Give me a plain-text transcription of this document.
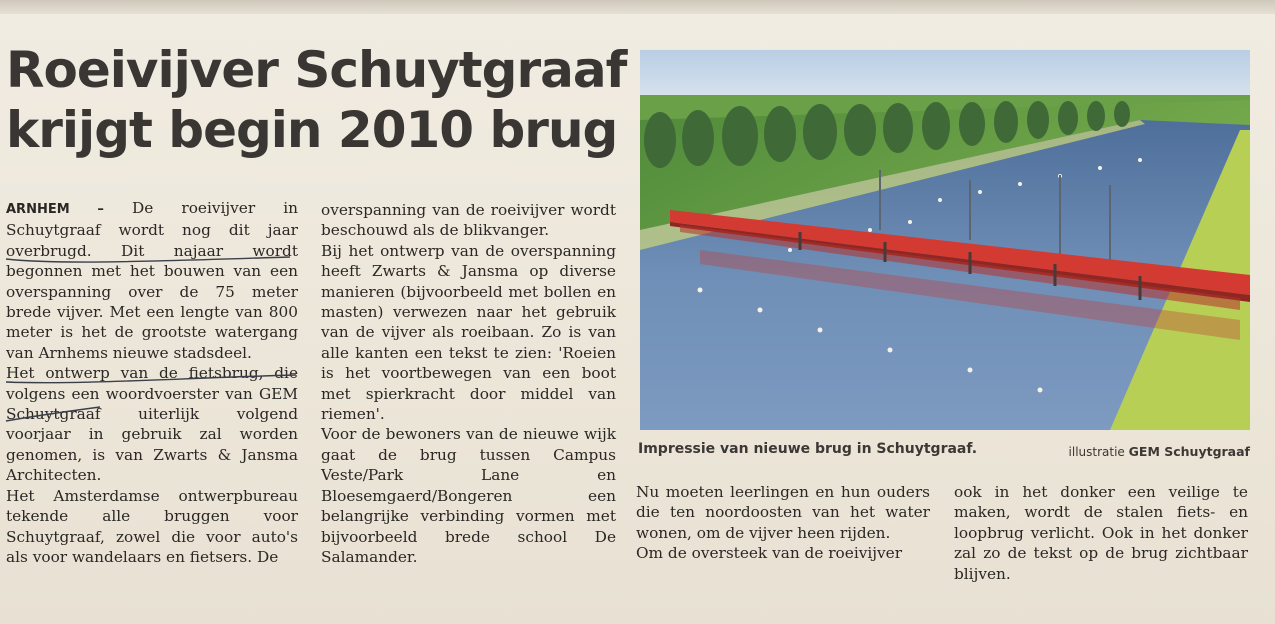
Roeivijver Schuytgraaf
krijgt begin 2010 brug

ARNHEM – De roeivijver in Schuytgraaf wordt nog dit jaar overbrugd. Dit najaar wordt begonnen met het bouwen van een overspanning over de 75 meter brede vijver. Met een lengte van 800 meter is het de grootste watergang van Arnhems nieuwe stadsdeel.

Het ontwerp van de fietsbrug, die volgens een woordvoerster van GEM Schuytgraaf uiterlijk volgend voorjaar in gebruik zal worden genomen, is van Zwarts & Jansma Architecten.

Het Amsterdamse ontwerpbureau tekende alle bruggen voor Schuytgraaf, zowel die voor auto's als voor wandelaars en fietsers. De

overspanning van de roeivijver wordt beschouwd als de blikvanger.

Bij het ontwerp van de overspanning heeft Zwarts & Jansma op diverse manieren (bijvoorbeeld met bollen en masten) verwezen naar het gebruik van de vijver als roeibaan. Zo is van alle kanten een tekst te zien: 'Roeien is het voortbewegen van een boot met spierkracht door middel van riemen'.

Voor de bewoners van de nieuwe wijk gaat de brug tussen Campus Veste/Park Lane en Bloesemgaerd/Bongeren een belangrijke verbinding vormen met bijvoorbeeld brede school De Salamander.

Impressie van nieuwe brug in Schuytgraaf.	illustratie GEM Schuytgraaf

Nu moeten leerlingen en hun ouders die ten noordoosten van het water wonen, om de vijver heen rijden.

Om de oversteek van de roeivijver

ook in het donker een veilige te maken, wordt de stalen fiets- en loopbrug verlicht. Ook in het donker zal zo de tekst op de brug zichtbaar blijven.
